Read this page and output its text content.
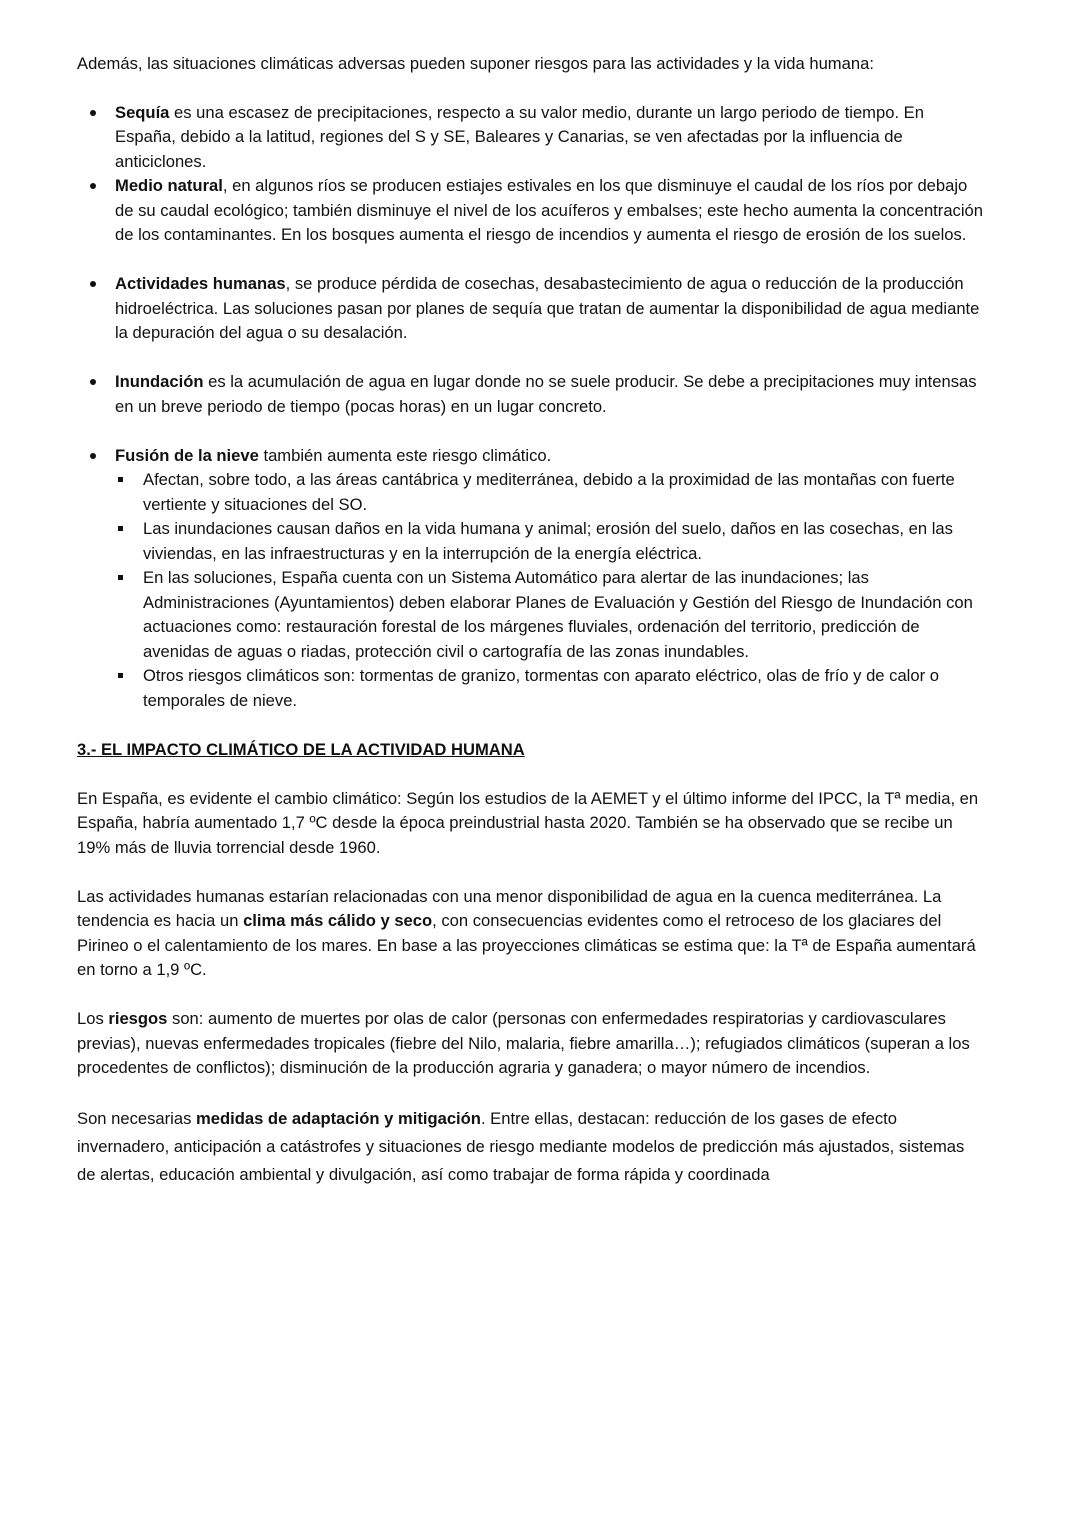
Además, las situaciones climáticas adversas pueden suponer riesgos para las actividades y la vida humana:

Sequía es una escasez de precipitaciones, respecto a su valor medio, durante un largo periodo de tiempo. En España, debido a la latitud, regiones del S y SE, Baleares y Canarias, se ven afectadas por la influencia de anticiclones.
Medio natural, en algunos ríos se producen estiajes estivales en los que disminuye el caudal de los ríos por debajo de su caudal ecológico; también disminuye el nivel de los acuíferos y embalses; este hecho aumenta la concentración de los contaminantes. En los bosques aumenta el riesgo de incendios y aumenta el riesgo de erosión de los suelos.
Actividades humanas, se produce pérdida de cosechas, desabastecimiento de agua o reducción de la producción hidroeléctrica. Las soluciones pasan por planes de sequía que tratan de aumentar la disponibilidad de agua mediante la depuración del agua o su desalación.
Inundación es la acumulación de agua en lugar donde no se suele producir. Se debe a precipitaciones muy intensas en un breve periodo de tiempo (pocas horas) en un lugar concreto.
Fusión de la nieve también aumenta este riesgo climático.
Afectan, sobre todo, a las áreas cantábrica y mediterránea, debido a la proximidad de las montañas con fuerte vertiente y situaciones del SO.
Las inundaciones causan daños en la vida humana y animal; erosión del suelo, daños en las cosechas, en las viviendas, en las infraestructuras y en la interrupción de la energía eléctrica.
En las soluciones, España cuenta con un Sistema Automático para alertar de las inundaciones; las Administraciones (Ayuntamientos) deben elaborar Planes de Evaluación y Gestión del Riesgo de Inundación con actuaciones como: restauración forestal de los márgenes fluviales, ordenación del territorio, predicción de avenidas de aguas o riadas, protección civil o cartografía de las zonas inundables.
Otros riesgos climáticos son: tormentas de granizo, tormentas con aparato eléctrico, olas de frío y de calor o temporales de nieve.

3.- EL IMPACTO CLIMÁTICO DE LA ACTIVIDAD HUMANA

En España, es evidente el cambio climático: Según los estudios de la AEMET y el último informe del IPCC, la Tª media, en España, habría aumentado 1,7 ºC desde la época preindustrial hasta 2020. También se ha observado que se recibe un 19% más de lluvia torrencial desde 1960.

Las actividades humanas estarían relacionadas con una menor disponibilidad de agua en la cuenca mediterránea. La tendencia es hacia un clima más cálido y seco, con consecuencias evidentes como el retroceso de los glaciares del Pirineo o el calentamiento de los mares. En base a las proyecciones climáticas se estima que: la Tª de España aumentará en torno a 1,9 ºC.

Los riesgos son: aumento de muertes por olas de calor (personas con enfermedades respiratorias y cardiovasculares previas), nuevas enfermedades tropicales (fiebre del Nilo, malaria, fiebre amarilla…); refugiados climáticos (superan a los procedentes de conflictos); disminución de la producción agraria y ganadera; o mayor número de incendios.

Son necesarias medidas de adaptación y mitigación. Entre ellas, destacan: reducción de los gases de efecto invernadero, anticipación a catástrofes y situaciones de riesgo mediante modelos de predicción más ajustados, sistemas de alertas, educación ambiental y divulgación, así como trabajar de forma rápida y coordinada
